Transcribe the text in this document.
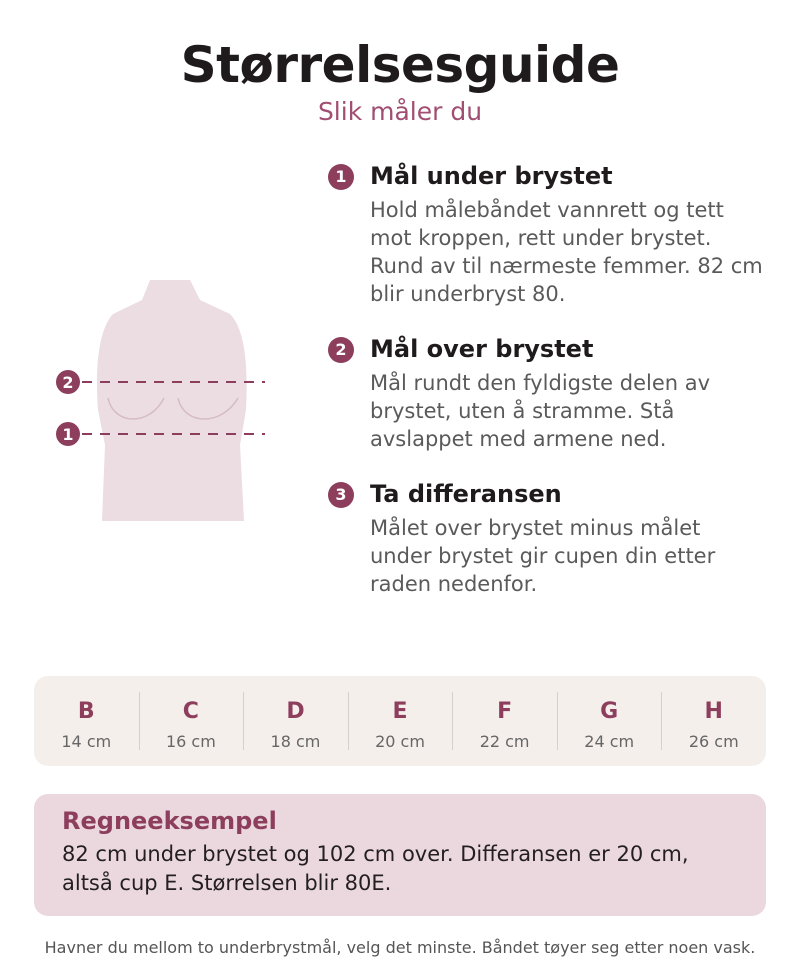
Størrelsesguide
Slik måler du
2
1
1 Mål under brystet
Hold målebåndet vannrett og tett mot kroppen, rett under brystet. Rund av til nærmeste femmer. 82 cm blir underbryst 80.
2 Mål over brystet
Mål rundt den fyldigste delen av brystet, uten å stramme. Stå avslappet med armene ned.
3 Ta differansen
Målet over brystet minus målet under brystet gir cupen din etter raden nedenfor.
B
14 cm
C
16 cm
D
18 cm
E
20 cm
F
22 cm
G
24 cm
H
26 cm
Regneeksempel
82 cm under brystet og 102 cm over. Differansen er 20 cm, altså cup E. Størrelsen blir 80E.
Havner du mellom to underbrystmål, velg det minste. Båndet tøyer seg etter noen vask.
